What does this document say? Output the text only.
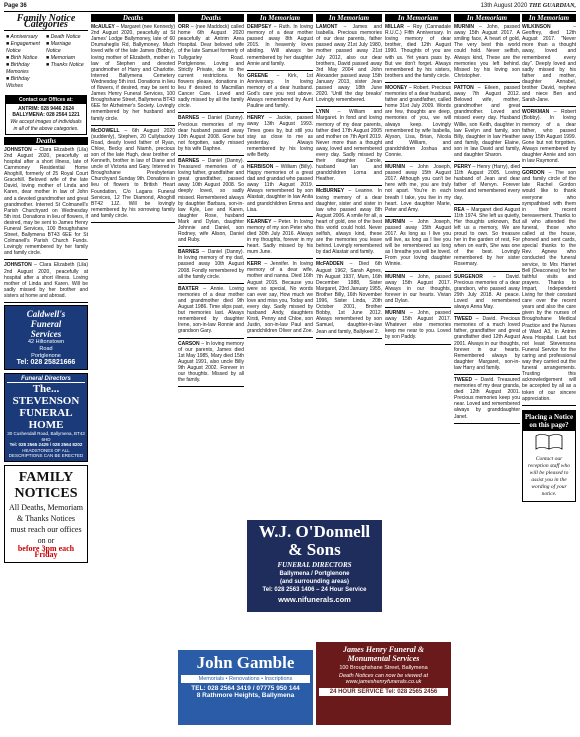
Page 36	13th August 2020 THE GUARDIAN,
Family Notice Categories
■ Anniversary	■ Death Notice
■ Engagement Notice
■ Marriage Notice
■ Birth Notice	■ Memoriam
■ Birthday Memories
■ Thanks Notice
■ Birthday Wishes
Contact our Offices at:
ANTRIM: 028 9446 2624
BALLYMENA: 028 2564 1221
We accept images of individuals in all of the above categories.
Deaths
JOHNSTON – Clara Elizabeth (Lila) 2nd August 2020, peacefully at hospital after a short illness, late of Carnmoney Residential Home Ahoghill, formerly of 25 Royal Court Gracehill. Beloved wife of the late David, loving mother of Linda and Karen, dear mother in law of John and a devoted grandmother and great grandmother. Interred St Colmanell's Parish Churchyard on Wednesday 5th inst. Donations in lieu of flowers, if desired, may be sent to James Henry Funeral Services, 100 Broughshane Street, Ballymena BT43 6EE for St Colmanell's Parish Church Funds. Lovingly remembered by her family and family circle.
JOHNSTON – Clara Elizabeth (Lila) 2nd August 2020, peacefully at hospital after a short illness. Loving mother of Linda and Karen. Will be sadly missed by her brother and sisters at home and abroad.
Caldwell's
Funeral
Services
42 Hiltonstown
Road
Portglenone
Tel: 028 25821666
Funeral Directors
The... STEVENSON
FUNERAL HOME
30 Cushendall Road, Ballymena, BT43 6HD
Tel: 028 2565 2429 / 028 2564 8202
HEADSTONES OF ALL DESCRIPTIONS CAN BE ERECTED
FAMILY NOTICES
All Deaths, Memoriam
& Thanks Notices
must reach our offices on or
before 3pm each Friday
Deaths
McAULEY – Margaret (nee Kennedy) 2nd August 2020, peacefully at St James' Lodge Ballymoney, late of 60 Drumaheglis Rd, Ballymoney. Much loved wife of the late James (Bobby), loving mother of Elizabeth, mother in law of Stephen and devoted grandmother of Harry and Charlotte. Interred Ballymena Cemetery Wednesday 5th inst. Donations in lieu of flowers, if desired, may be sent to James Henry Funeral Services, 100 Broughshane Street, Ballymena BT43 6EE for Alzheimer's Society. Lovingly remembered by her husband and family circle.
McDOWELL – 6th August 2020 (suddenly), Stephen, 20 Cullybackey Road, dearly loved father of Ryan, Chloe, Becky and Niamh, precious son of the late Hugh, dear brother of Kenneth, brother in law of Diane and uncle of Victoria and Gary. Interred in Broughshane Presbyterian Churchyard Sunday 9th. Donations in lieu of flowers to British Heart Foundation, C/o Lagans Funeral Services, 12 The Diamond, Ahoghill BT42 1JZ. Will be lovingly remembered by his sorrowing family and family circle.
Deaths
ORR – (nee Maddock) called home 6th August 2020 peacefully at Antrim Area Hospital. Dear beloved wife of the late Samuel formerly of Tullygarley Road. Portglenone. Loving and Strictly Private, due to the current restrictions. No flowers please, donations in lieu if desired to Macmillan Cancer Care. Loved and sadly missed by all the family circle.
BARNES – Daniel (Danny). Precious memories of my dear husband passed away 10th August 2008. Gone but not forgotten, sadly missed by his wife Daphne.
BARNES – Daniel (Danny). Treasured memories of a loving father, grandfather and great grandfather, passed away 10th August 2008. So deeply loved, so sadly missed. Remembered always by daughter Barbara, son-in-law Kyle, Lee and Karen, daughter Rose, husband Mark and Dylan, daughter Johnnie and Daniel, son Rodney, wife Alison, Daniel and Ruby.
BARNES – Daniel (Danny). In loving memory of my dad, passed away 10th August 2008. Fondly remembered by all the family circle.
BAXTER – Annie. Loving memories of a dear mother and grandmother died 9th August 1986. Time slips past, but memories last. Always remembered by daughter Irene, son-in-law Ronnie and grandson Gary.
CARSON – In loving memory of our parents, James died 1st May 1985, Mary died 15th August 1991, also uncle Billy 9th August 2002. Forever in our thoughts. Missed by all the family.
In Memoriam
DEMPSEY – Ruth. In loving memory of a dear mother passed away 8th August 2015. In heavenly loves abiding. Will always be remembered by her daughter Annie and family.
GREENE – Kirk, 1st Anniversary. In loving memory of a dear husband. God's care you rest above. Always remembered by Aunt Pauline and family.
HENRY – Jackie, passed away 13th August 1993. Times goes by, but still you stay as close to me as yesterday. Always remembered by his loving wife Betty.
HERBISON – William (Billy). Happy memories of a great dad and grandad who passed away 11th August 2019. Always remembered by son Alastair, daughter in law Anita and grandchildren Emma and Lisa.
KEARNEY – Peter. In loving memory of my son Peter who died 30th July 2016. Always in my thoughts, forever in my heart. Sadly missed by his mum June.
KERR – Jennifer. In loving memory of a dear wife, mother and nanna. Died 16th August 2015. Because you were so special, No words can ever say, How much we love and miss you, Today and every day. Sadly missed by husband Andy, daughters Kirsti, Penny and Chloe, son Justin, son-in-law Paul and grandchildren Oliver and Zoe.
In Memoriam
LAMONT – James and Isabella. Precious memories of our dear parents, father passed away 21st July 1980, mother passed away 21st July 2012, also our dear brothers, David passed away 3rd May 2004 and John Alexander passed away 15th January 2013, sister Jean passed away 18th June 2020. 'Until the day breaks' Lovingly remembered.
LYNN – William and Margaret. In fond and loving memory of my dear parents, father died 17th August 2005 and mother on 7th April 2019. Never more than a thought away, loved and remembered every day. Sadly missed by their daughter Carole, husband Ian and grandchildren Lorna and Heather.
McBURNEY – Leanne. In loving memory of a dear daughter, sister and sister in law who passed away 8th August 2006. A smile for all, a heart of gold, one of the best this world could hold. Never selfish, always kind, these are the memories you leave behind. Lovingly remembered by dad Alastair and family.
McFADDEN – Died 6th August 1962, Sarah Agnes, 7th August 1937, Mum, 16th December 1988, Sister Margaret, 23rd January 1955, Brother Billy, 16th November 1996, Sister Linda, 20th October 2001, Brother Bobby, 1st June 2012. Always remembered by son Samuel, daughter-in-law Jean and family, Ballykeel 2.
W.J. O'Donnell
& Sons
FUNERAL DIRECTORS
Ballymena / Portglenone
(and surrounding areas)
Tel: 028 2563 1406 – 24 Hour Service
www.nifunerals.com
In Memoriam
MILLAR – Roy (Cannadale R.U.C.) Fifth Anniversary. In loving memory of dear brother, died 12th August 1990. Thoughts of you are with us. Yet years pass by. But we don't forget. Always remembered by his sisters, brothers and the family circle.
MOONEY – Robert. Precious memories of a dear husband, father and grandfather, called home 31st July 2009. Words are few, thoughts are deep, memories of you, we will always keep. Lovingly remembered by wife Isabella, Alyson, Lisa, Brian, Nicola and William, and grandchildren Joshua and Connie.
MURNIN – John Joseph, passed away 15th August 2017. Although you can't be here with me, you are truly not apart. You're in each breath I take, you live in my heart. Love daughter Marie, Peter and Amy.
MURNIN – John Joseph, passed away 15th August 2017. As long as I live you will live, as long as I live you will be remembered as long as I breathe you will be loved. From your loving daughter Winnie.
MURNIN – John, passed away 15th August 2017. Always in our thoughts, forever in our hearts. Vivian and Dylan.
MURNIN – John, passed away 15th August 2017. Whatever else memories keep me near to you. Loved by son Paddy.
In Memoriam
MURNIN – John, passed away 15th August 2017. A smiling face, A heart of gold, The very best this world could hold. Never selfish, Always kind, These are the memories you left behind. Missed by his loving son Christopher.
PATTON – Eileen, passed away 7th August 2012. Beloved wife, mother, grandmother and great grandmother. Loved and missed every day. Husband Willie, son Keith, daughter in law Evelyn and family, son Billy, daughter in law Heather and family, daughter Elaine, son in law David and family, and daughter Sharon.
PERRY – Henry (Harry), died 11th August 2005. Loving husband of Jean and dear father of Mervyn. Forever loved and remembered every day.
REA – Margaret died August 11th 1974. She left us quietly, Her thoughts unknown, But left us a memory, We are proud to own. So treasure her in the garden of rest, For when on earth, She was one of the best. Lovingly remembered by her sister Rosemary.
SURGENOR – David. Precious memories of a dear grandson, who passed away 29th July 2018. At peace. Loved and remembered always Anna May.
TWEED – David. Precious memories of a much loved father, grandfather and great grandfather died 12th August 2001. Always in our thoughts, forever in our hearts. Remembered always by daughter Margaret, son-in-law Harry and family.
TWEED – David. Treasured memories of my dear granda, died 12th August 2001. Precious memories keep you near. Loved and remembered always by granddaughter Janet.
In Memoriam
WILKINSON – Geoffrey, died 12th August 2017. "Never more than a thought away, loved and remembered every day". Deeply loved and sadly missed by his father and mother, daughter Annabel, brother David, nephew and niece Ben and Sarah-Jane.
WORKMAN – Robert (Bobby). In loving memory of a dear father, who passed away 15th August 1999. Gone but not forgotten. Always remembered by daughter Annie and son in law Raymond.
GORDON – The son and family circle of the late Rachel Gordon would like to thank everyone who sympathised with them in their recent bereavement. Thanks to all who attended the funeral, those who called at the house, phoned and sent cards, special thanks to the Rev. Agnew who conducted the funeral service, to Mrs Harriet Bell (Deaconess) for her faithful visits and prayers. Thanks to Impart, Independent Living for their constant care over the recent years and also the care given by the nurses of Broughshane Medical Practice and the Nurses of Ward A3, in Antrim Area Hospital. Last but not least Stevensons Funeral Service for the caring and professional way they carried out the funeral arrangements. Trusting this acknowledgement will be accepted by all as a token of our sincere appreciation.
Placing a Notice on this page?
Contact our reception staff who will be pleased to assist you in the wording of your notice.
John Gamble
Memorials • Renovations • Inscriptions
TEL: 028 2564 3419 / 07775 950 144
8 Rathmore Heights, Ballymena
James Henry Funeral &
Monumental Services
100 Broughshane Street, Ballymena
Death Notices can now be viewed at www.jameshenryfunerals.co.uk
24 HOUR SERVICE Tel: 028 2565 2456
